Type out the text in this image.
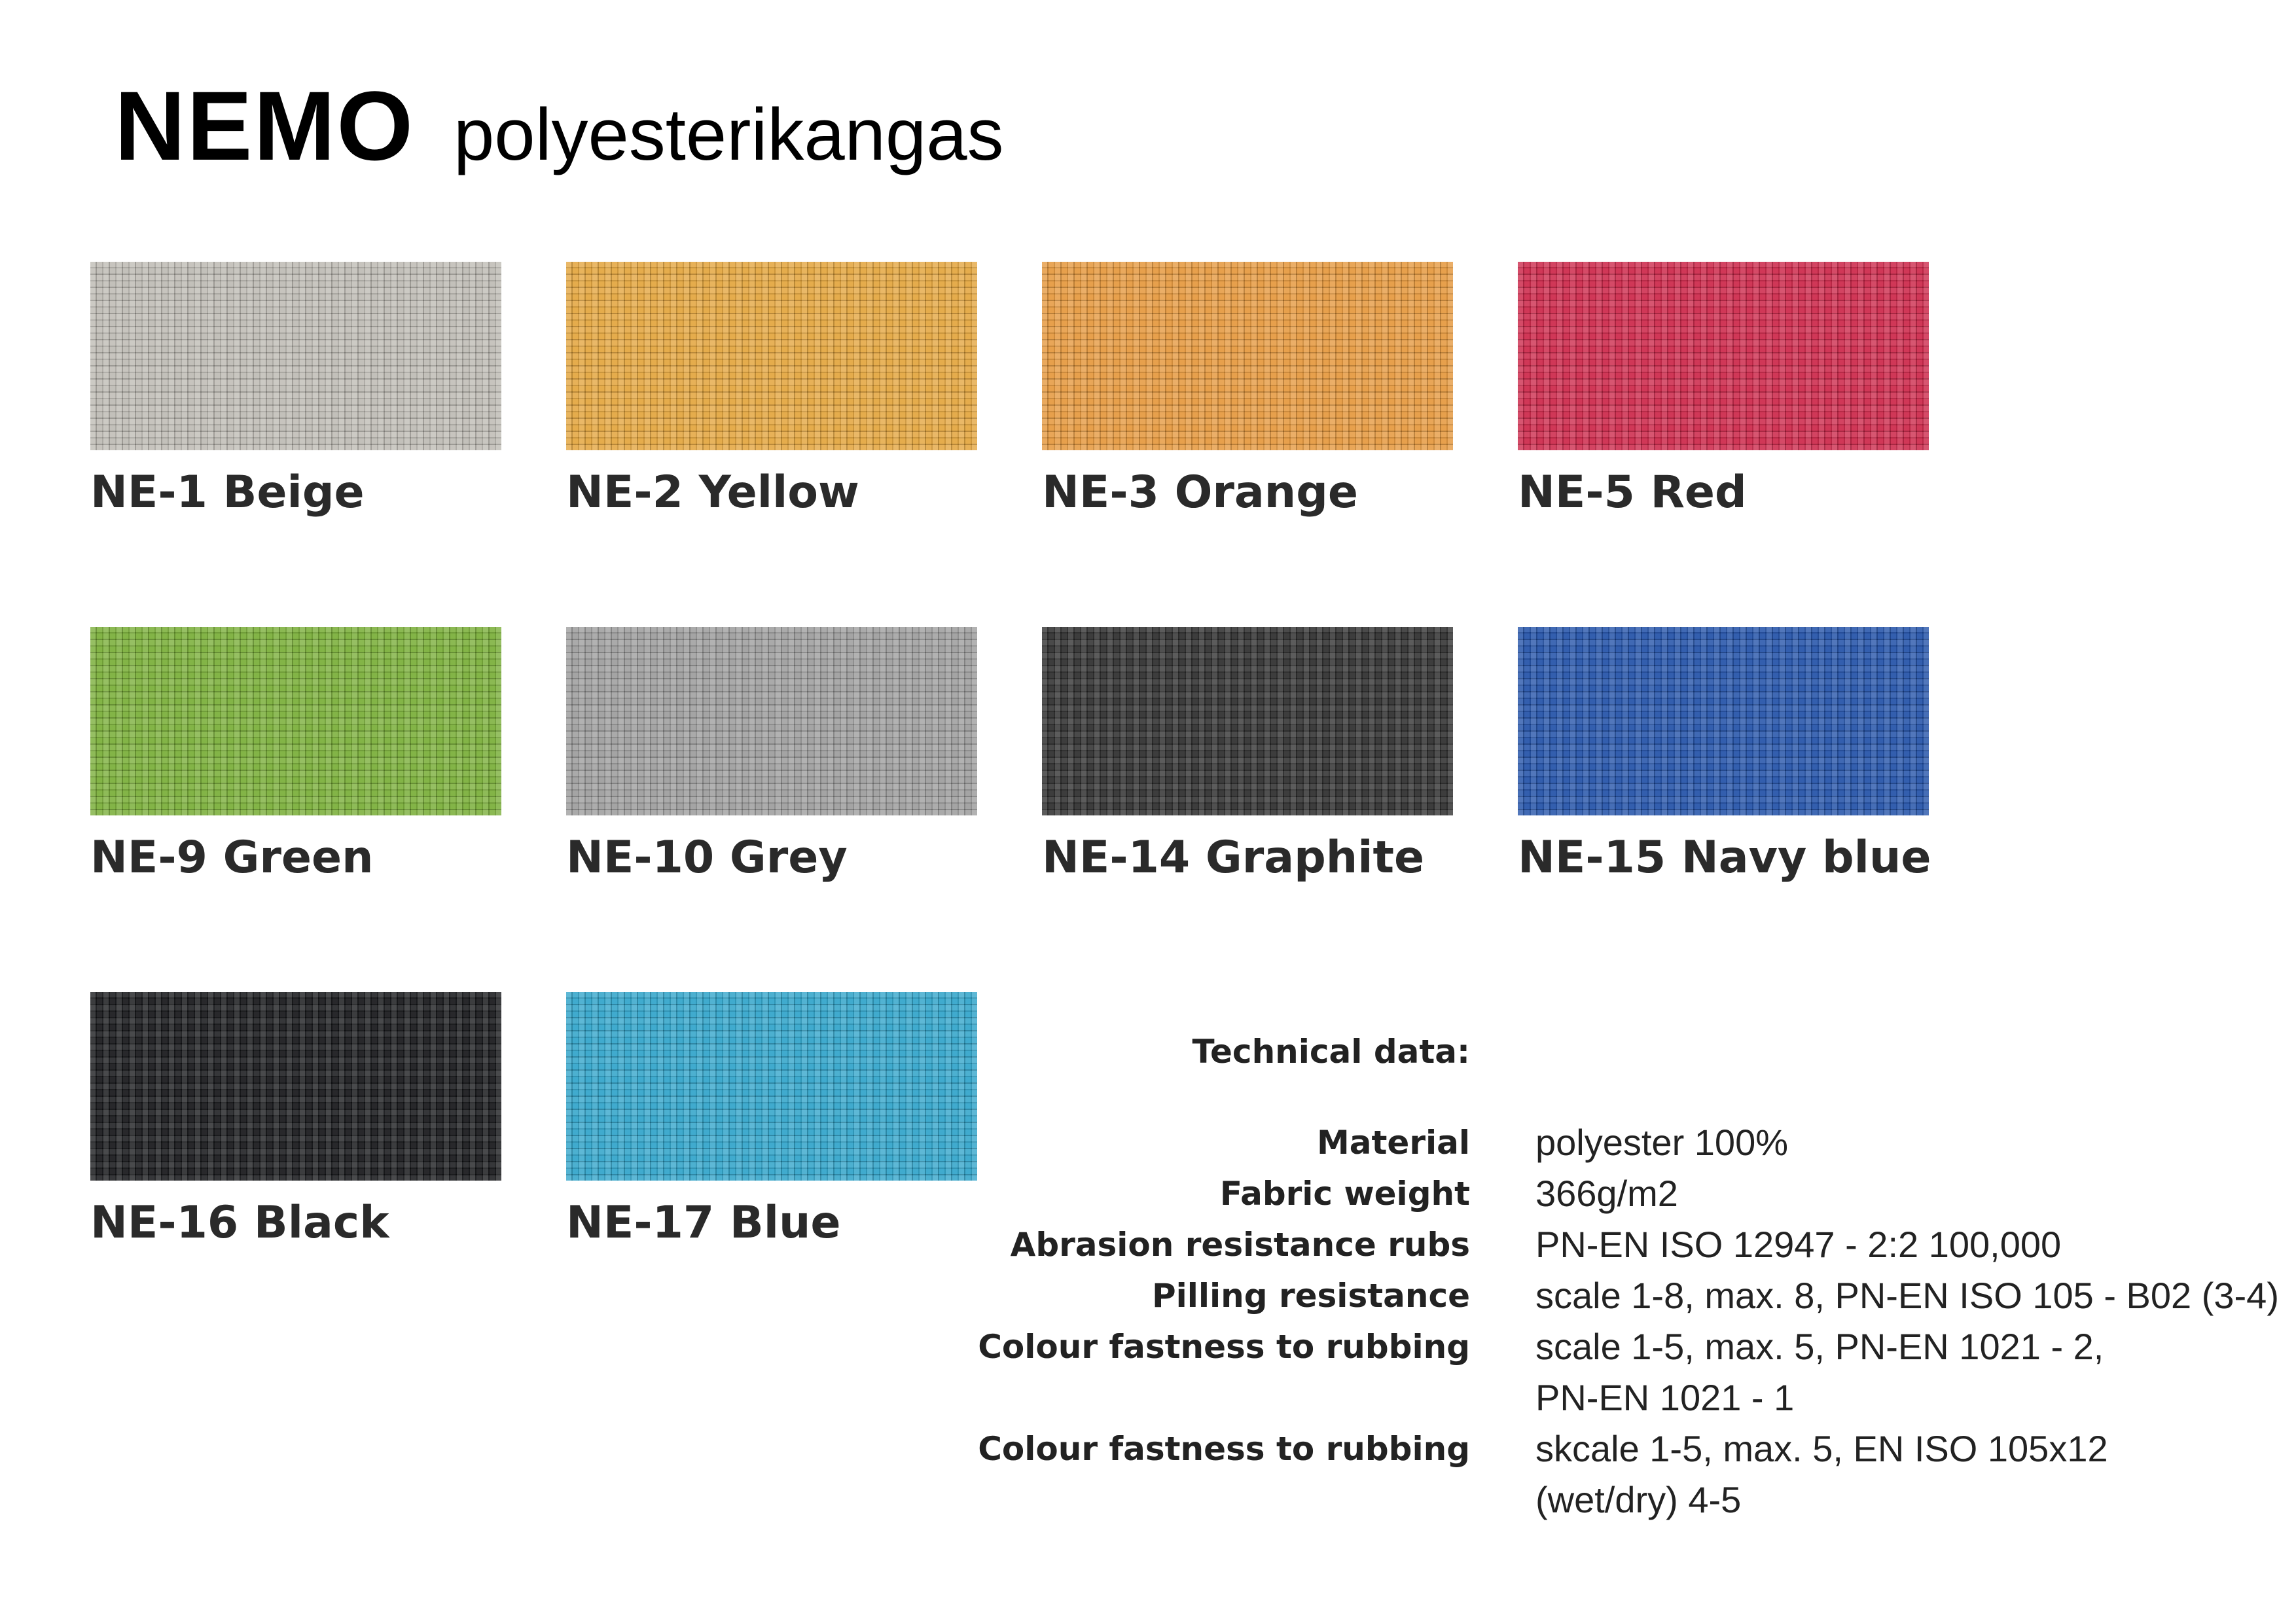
NEMO polyesterikangas
NE-1 Beige	NE-2 Yellow	NE-3 Orange	NE-5 Red
NE-9 Green	NE-10 Grey	NE-14 Graphite	NE-15 Navy blue
NE-16 Black	NE-17 Blue
Technical data:
Material polyester 100%
Fabric weight 366g/m2
Abrasion resistance rubs PN-EN ISO 12947 - 2:2 100,000
Pilling resistance scale 1-8, max. 8, PN-EN ISO 105 - B02 (3-4)
Colour fastness to rubbing scale 1-5, max. 5, PN-EN 1021 - 2,
PN-EN 1021 - 1
Colour fastness to rubbing skcale 1-5, max. 5, EN ISO 105x12
(wet/dry) 4-5
